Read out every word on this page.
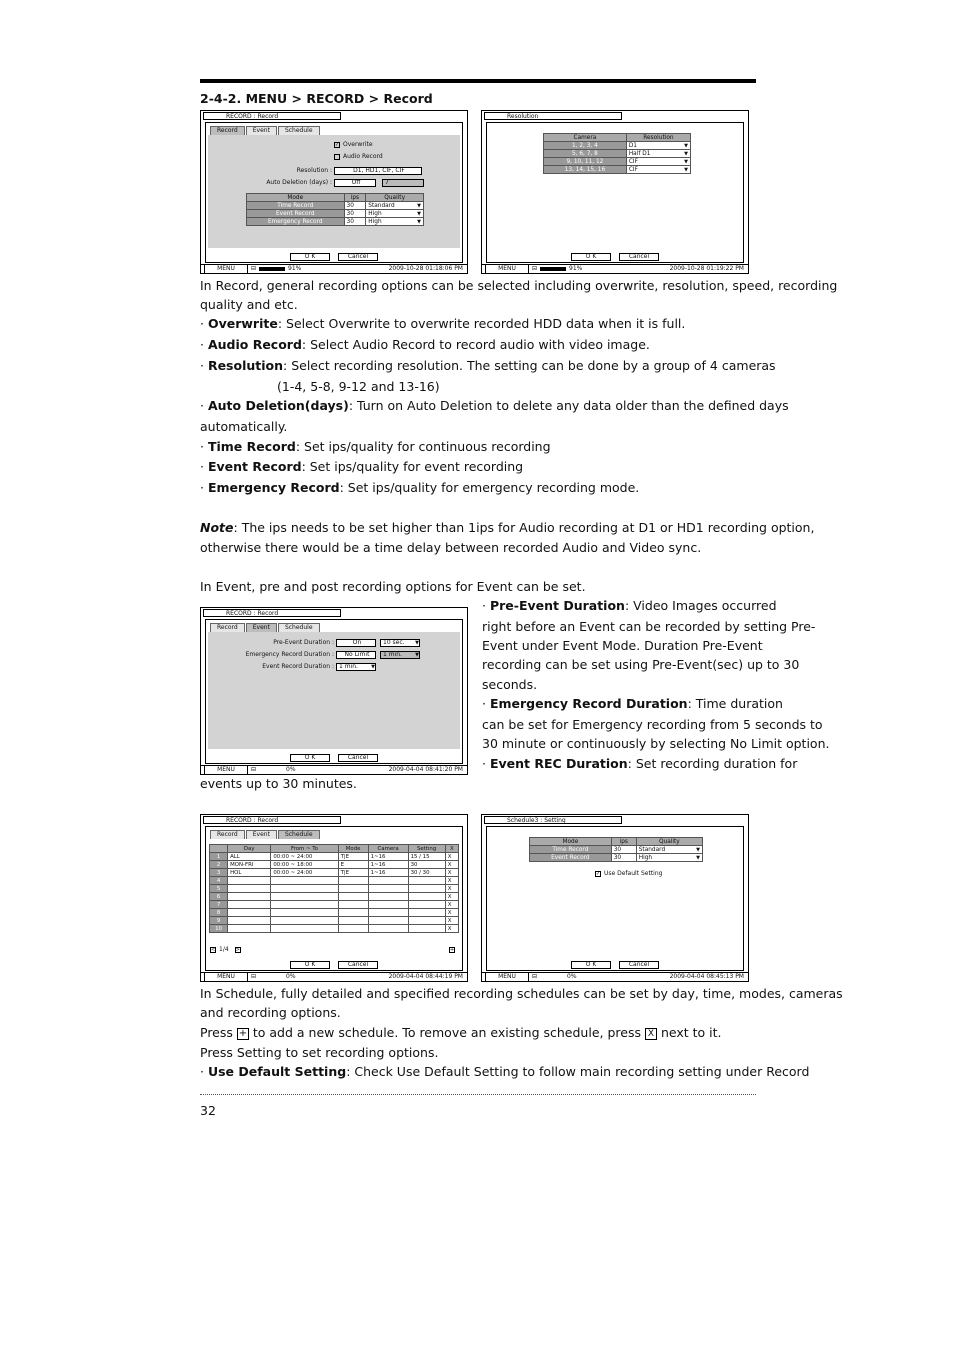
2-4-2. MENU > RECORD > Record
RECORD : Record
Record	Event	Schedule
✓ Overwrite
Audio Record
Resolution :	D1, HD1, CIF, CIF
Auto Deletion (days) :	Off	7
Mode	ips	Quality
Time Record	30	Standard ▼

Event Record	30	High ▼

Emergency Record	30	High ▼
O K	Cancel
MENU	⊟	91%	2009-10-28 01:18:06 PM
Resolution
Camera	Resolution
1, 2, 3, 4	D1 ▼

5, 6, 7, 8	Half D1 ▼

9, 10, 11, 12	CIF ▼

13, 14, 15, 16	CIF ▼
O K	Cancel
MENU	⊟	91%	2009-10-28 01:19:22 PM
In Record, general recording options can be selected including overwrite, resolution, speed, recording
quality and etc.
· Overwrite: Select Overwrite to overwrite recorded HDD data when it is full.
· Audio Record: Select Audio Record to record audio with video image.
· Resolution: Select recording resolution. The setting can be done by a group of 4 cameras
(1-4, 5-8, 9-12 and 13-16)
· Auto Deletion(days): Turn on Auto Deletion to delete any data older than the defined days
automatically.
· Time Record: Set ips/quality for continuous recording
· Event Record: Set ips/quality for event recording
· Emergency Record: Set ips/quality for emergency recording mode.
Note: The ips needs to be set higher than 1ips for Audio recording at D1 or HD1 recording option,
otherwise there would be a time delay between recorded Audio and Video sync.
In Event, pre and post recording options for Event can be set.
RECORD : Record
Record	Event	Schedule
Pre-Event Duration :	On	10 sec. ▼
Emergency Record Duration :	No Limit	1 min.	▼
Event Record Duration : 1 min.	▼
O K	Cancel
MENU	⊟	0%	2009-04-04 08:41:20 PM
· Pre-Event Duration: Video Images occurred
right before an Event can be recorded by setting Pre-
Event under Event Mode. Duration Pre-Event
recording can be set using Pre-Event(sec) up to 30
seconds.
· Emergency Record Duration: Time duration
can be set for Emergency recording from 5 seconds to
30 minute or continuously by selecting No Limit option.
· Event REC Duration: Set recording duration for
events up to 30 minutes.
RECORD : Record
Record	Event	Schedule
	Day	From ~ To	Mode	Camera	Setting	X
1	ALL	00:00 ~ 24:00	T|E	1~16	15 / 15	X
2	MON-FRI	00:00 ~ 18:00	E	1~16	30	X
3	HOL	00:00 ~ 24:00	T|E	1~16	30 / 30	X
4						X
5						X
6						X
7						X
8						X
9						X
10						X
< 1/4 >	+
O K	Cancel
MENU	⊟	0%	2009-04-04 08:44:19 PM
Schedule3 : Setting
Mode	ips	Quality
Time Record	30	Standard ▼

Event Record	30	High ▼
✓ Use Default Setting
O K	Cancel
MENU	⊟	0%	2009-04-04 08:45:13 PM
In Schedule, fully detailed and specified recording schedules can be set by day, time, modes, cameras
and recording options.
Press + to add a new schedule. To remove an existing schedule, press X next to it.
Press Setting to set recording options.
· Use Default Setting: Check Use Default Setting to follow main recording setting under Record
32
